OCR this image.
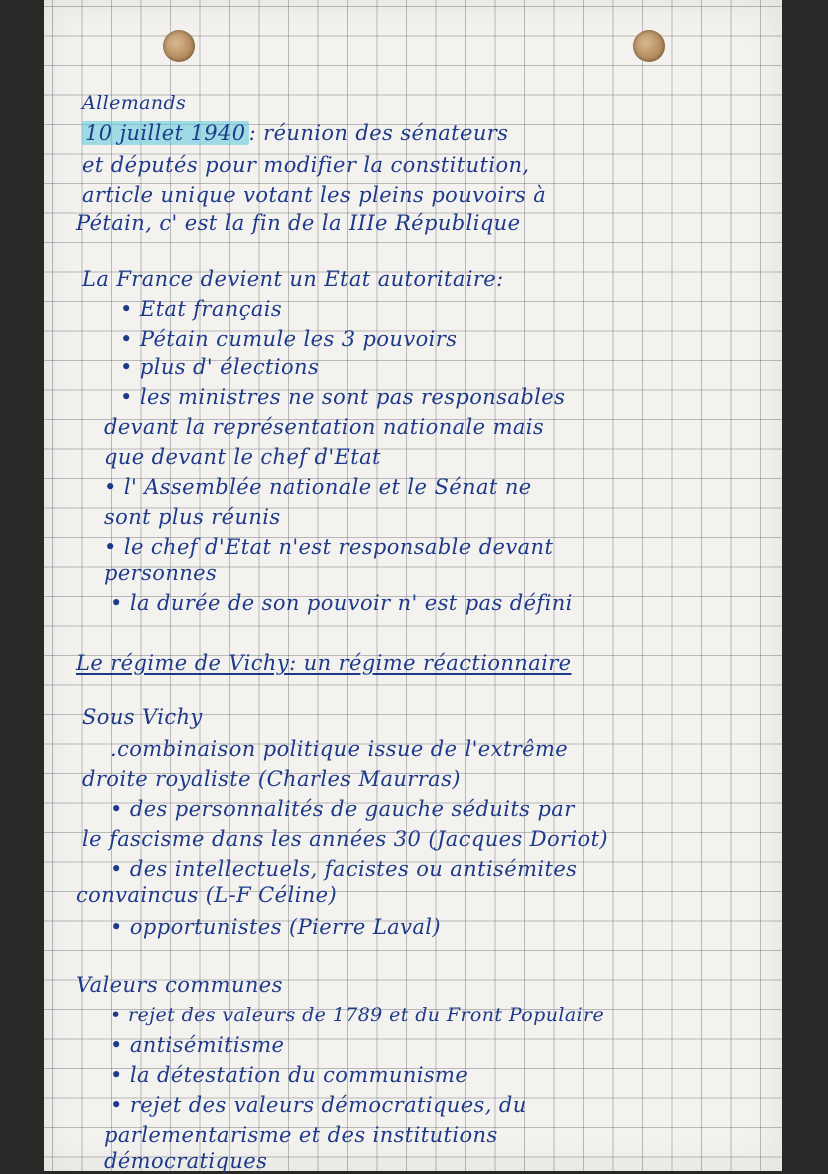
Allemands
10 juillet 1940 : réunion des sénateurs
et députés pour modifier la constitution,
article unique votant les pleins pouvoirs à
Pétain, c' est la fin de la IIIe République
La France devient un Etat autoritaire:
• Etat français
• Pétain cumule les 3 pouvoirs
• plus d' élections
• les ministres ne sont pas responsables
devant la représentation nationale mais
que devant le chef d'Etat
• l' Assemblée nationale et le Sénat ne
sont plus réunis
• le chef d'Etat n'est responsable devant
personnes
• la durée de son pouvoir n' est pas défini
Le régime de Vichy: un régime réactionnaire
Sous Vichy
.combinaison politique issue de l'extrême
droite royaliste (Charles Maurras)
• des personnalités de gauche séduits par
le fascisme dans les années 30 (Jacques Doriot)
• des intellectuels, facistes ou antisémites
convaincus (L-F Céline)
• opportunistes (Pierre Laval)
Valeurs communes
• rejet des valeurs de 1789 et du Front Populaire
• antisémitisme
• la détestation du communisme
• rejet des valeurs démocratiques, du
parlementarisme et des institutions
démocratiques
